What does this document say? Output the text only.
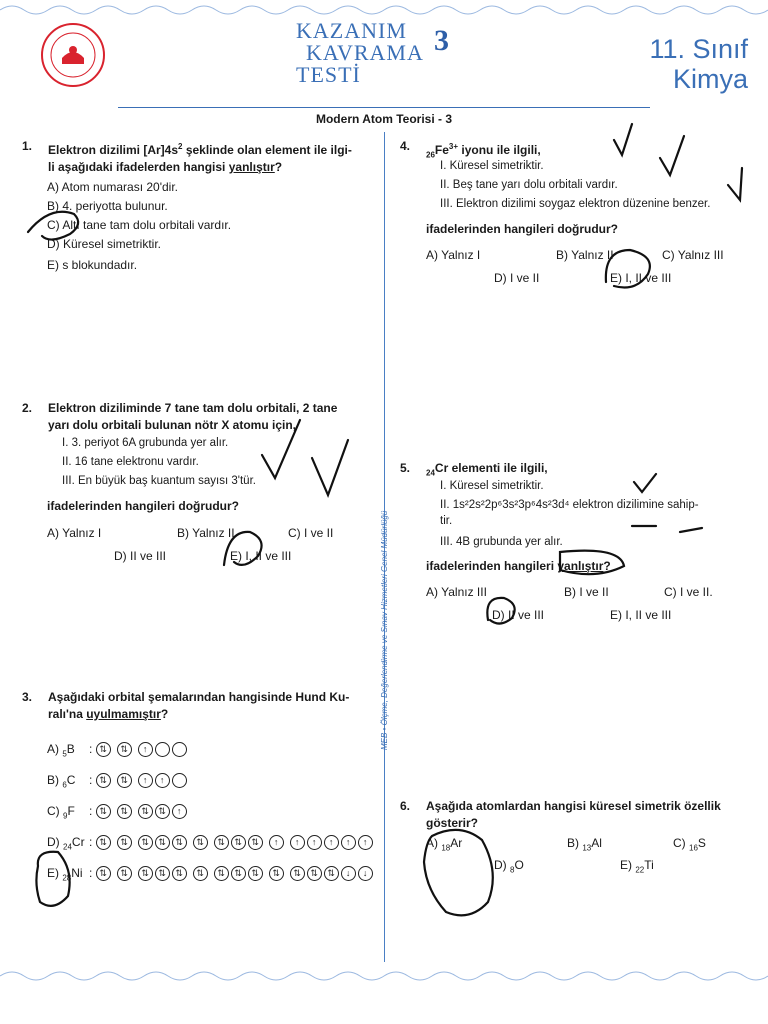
KAZANIM
KAVRAMA
TESTİ
3	11. Sınıf
Kimya
Modern Atom Teorisi - 3
MEB • Ölçme, Değerlendirme ve Sınav Hizmetleri Genel Müdürlüğü
1. Elektron dizilimi $[Ar]4s^2$ şeklinde olan element ile ilgi-
li aşağıdaki ifadelerden hangisi yanlıştır?
A) Atom numarası 20'dir.
B) 4. periyotta bulunur.
C) Altı tane tam dolu orbitali vardır.
D) Küresel simetriktir.
E) s blokundadır.
2. Elektron diziliminde 7 tane tam dolu orbitali, 2 tane
yarı dolu orbitali bulunan nötr X atomu için,
I. 3. periyot 6A grubunda yer alır.
II. 16 tane elektronu vardır.
III. En büyük baş kuantum sayısı 3'tür.
ifadelerinden hangileri doğrudur?
A) Yalnız I	B) Yalnız II	C) I ve II
D) II ve III	E) I, II ve III
3. Aşağıdaki orbital şemalarından hangisinde Hund Ku-
ralı'na uyulmamıştır?
A) $_5$B : ⇅	⇅	↑
B) $_6$C : ⇅	⇅	↑	↑
C) $_9$F : ⇅	⇅	⇅	⇅	↑
D) $_{24}$Cr : ⇅	⇅	⇅	⇅	⇅	⇅	⇅	⇅	⇅	↑	↑	↑	↑	↑	↑
E) $_{28}$Ni : ⇅	⇅	⇅	⇅	⇅	⇅	⇅	⇅	⇅	⇅	⇅	⇅	⇅	↓	↓
4.
$_{26}Fe^{3+}$ iyonu ile ilgili,
I. Küresel simetriktir.
II. Beş tane yarı dolu orbitali vardır.
III. Elektron dizilimi soygaz elektron düzenine benzer.
ifadelerinden hangileri doğrudur?
A) Yalnız I	B) Yalnız II	C) Yalnız III
D) I ve II	E) I, II ve III
5. $_{24}$Cr elementi ile ilgili,
I. Küresel simetriktir.
II. 1s²2s²2p⁶3s²3p⁶4s²3d⁴ elektron dizilimine sahip-
tir.
III. 4B grubunda yer alır.
ifadelerinden hangileri yanlıştır?
A) Yalnız III	B) I ve II	C) I ve II.
D) II ve III	E) I, II ve III
6. Aşağıda atomlardan hangisi küresel simetrik özellik
gösterir?
A) $_{18}$Ar	B) $_{13}$Al	C) $_{16}$S
D) $_8$O	E) $_{22}$Ti
